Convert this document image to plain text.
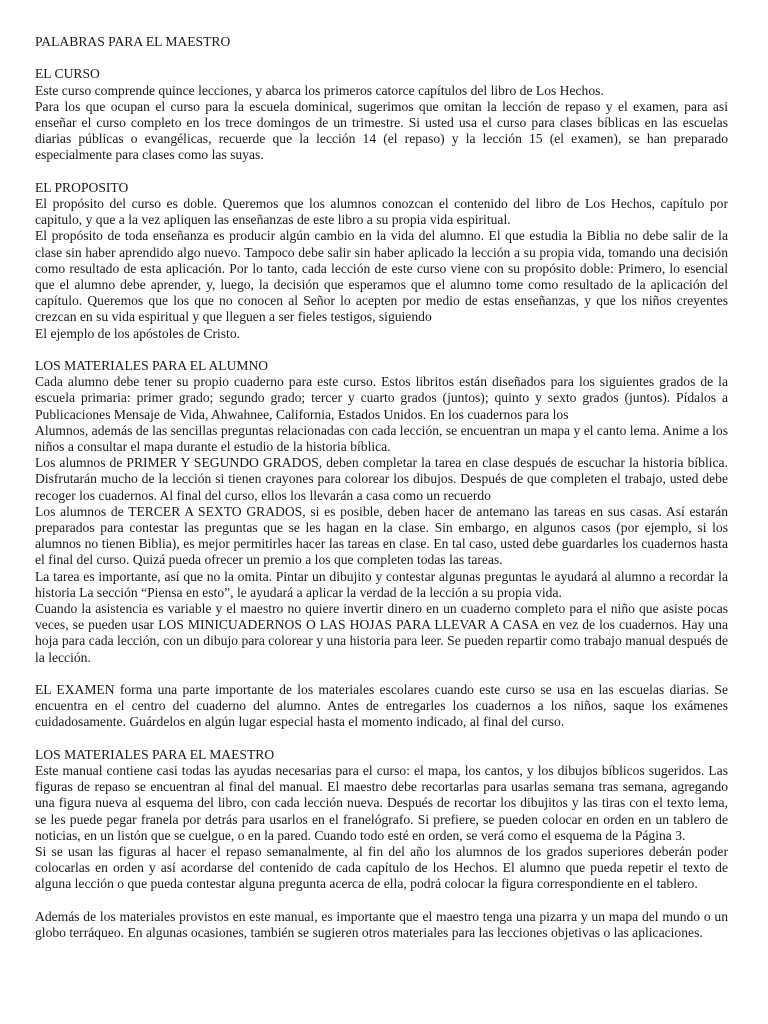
PALABRAS PARA EL MAESTRO

EL CURSO

Este curso comprende quince lecciones, y abarca los primeros catorce capítulos del libro de Los Hechos.

Para los que ocupan el curso para la escuela dominical, sugerimos que omitan la lección de repaso y el examen, para asi enseñar el curso completo en los trece domingos de un trimestre. Si usted usa el curso para clases bíblicas en las escuelas diarias públicas o evangélicas, recuerde que la lección 14 (el repaso) y la lección 15 (el examen), se han preparado especialmente para clases como las suyas.

EL PROPOSITO

El propósito del curso es doble. Queremos que los alumnos conozcan el contenido del libro de Los Hechos, capítulo por capitulo, y que a la vez apliquen las enseñanzas de este libro a su propia vida espiritual.

El propósito de toda enseñanza es producir algún cambio en la vida del alumno. El que estudia la Biblia no debe salir de la clase sin haber aprendido algo nuevo. Tampoco debe salir sin haber aplicado la lección a su propia vida, tomando una decisión como resultado de esta aplicación. Por lo tanto, cada lección de este curso viene con su propósito doble: Primero, lo esencial que el alumno debe aprender, y, luego, la decisión que esperamos que el alumno tome como resultado de la aplicación del capítulo. Queremos que los que no conocen al Señor lo acepten por medio de estas enseñanzas, y que los niños creyentes crezcan en su vida espiritual y que lleguen a ser fieles testigos, siguiendo

El ejemplo de los apóstoles de Cristo.

LOS MATERIALES PARA EL ALUMNO

Cada alumno debe tener su propio cuaderno para este curso. Estos libritos están diseñados para los siguientes grados de la escuela primaria: primer grado; segundo grado; tercer y cuarto grados (juntos); quinto y sexto grados (juntos). Pídalos a Publicaciones Mensaje de Vida, Ahwahnee, California, Estados Unidos. En los cuadernos para los

Alumnos, además de las sencillas preguntas relacionadas con cada lección, se encuentran un mapa y el canto lema. Anime a los niños a consultar el mapa durante el estudio de la historia bíblica.

Los alumnos de PRIMER Y SEGUNDO GRADOS, deben completar la tarea en clase después de escuchar la historia bíblica. Disfrutarán mucho de la lección si tienen crayones para colorear los dibujos. Después de que completen el trabajo, usted debe recoger los cuadernos. Al final del curso, ellos los llevarán a casa como un recuerdo

Los alumnos de TERCER A SEXTO GRADOS, si es posible, deben hacer de antemano las tareas en sus casas. Así estarán preparados para contestar las preguntas que se les hagan en la clase. Sin embargo, en algunos casos (por ejemplo, si los alumnos no tienen Biblia), es mejor permitirles hacer las tareas en clase. En tal caso, usted debe guardarles los cuadernos hasta el final del curso. Quizá pueda ofrecer un premio a los que completen todas las tareas.

La tarea es importante, así que no la omita. Pintar un dibujito y contestar algunas preguntas le ayudará al alumno a recordar la historia La sección “Piensa en esto”, le ayudará a aplicar la verdad de la lección a su propia vida.

Cuando la asistencia es variable y el maestro no quiere invertir dinero en un cuaderno completo para el niño que asiste pocas veces, se pueden usar LOS MINICUADERNOS O LAS HOJAS PARA LLEVAR A CASA en vez de los cuadernos. Hay una hoja para cada lección, con un dibujo para colorear y una historia para leer. Se pueden repartir como trabajo manual después de la lección.

EL EXAMEN forma una parte importante de los materiales escolares cuando este curso se usa en las escuelas diarias. Se encuentra en el centro del cuaderno del alumno. Antes de entregarles los cuadernos a los niños, saque los exámenes cuidadosamente. Guárdelos en algún lugar especial hasta el momento indicado, al final del curso.

LOS MATERIALES PARA EL MAESTRO

Este manual contiene casi todas las ayudas necesarias para el curso: el mapa, los cantos, y los dibujos bíblicos sugeridos. Las figuras de repaso se encuentran al final del manual. El maestro debe recortarlas para usarlas semana tras semana, agregando una figura nueva al esquema del libro, con cada lección nueva. Después de recortar los dibujitos y las tiras con el texto lema, se les puede pegar franela por detrás para usarlos en el franelógrafo. Si prefiere, se pueden colocar en orden en un tablero de noticias, en un listón que se cuelgue, o en la pared. Cuando todo esté en orden, se verá como el esquema de la Página 3.

Si se usan las figuras al hacer el repaso semanalmente, al fin del año los alumnos de los grados superiores deberán poder colocarlas en orden y así acordarse del contenido de cada capítulo de los Hechos. El alumno que pueda repetir el texto de alguna lección o que pueda contestar alguna pregunta acerca de ella, podrá colocar la figura correspondiente en el tablero.

Además de los materiales provistos en este manual, es importante que el maestro tenga una pizarra y un mapa del mundo o un globo terráqueo. En algunas ocasiones, también se sugieren otros materiales para las lecciones objetivas o las aplicaciones.
